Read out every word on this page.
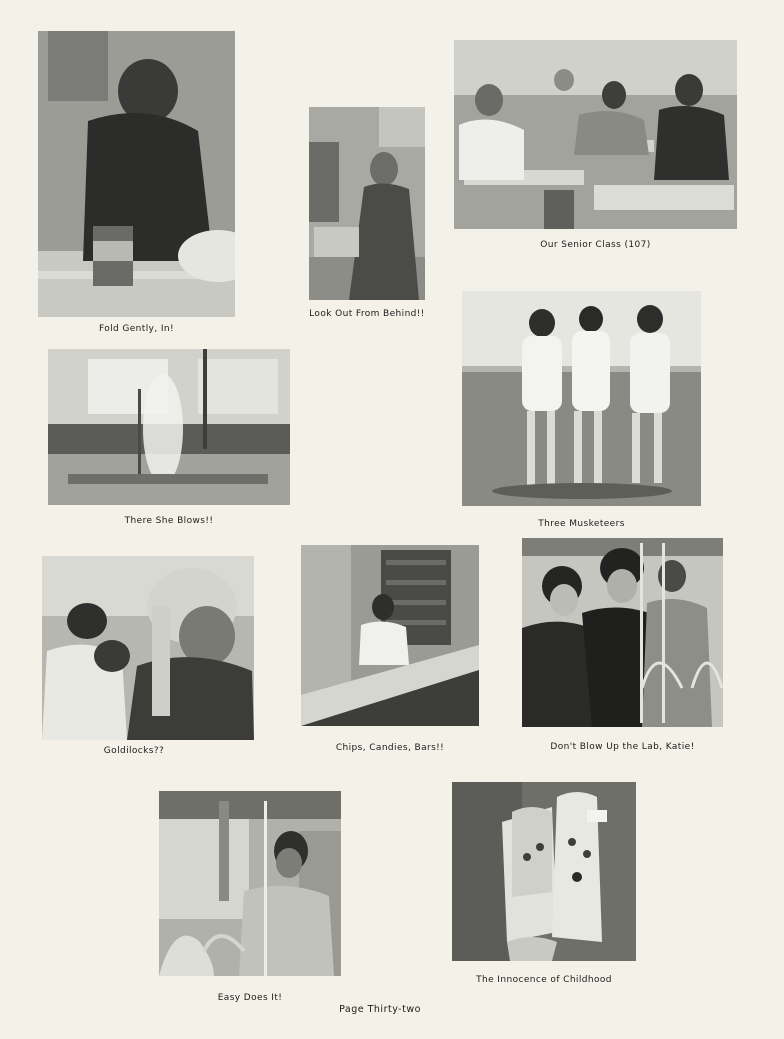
Fold Gently, In!
Look Out From Behind!!
Our Senior Class (107)
There She Blows!!	Three Musketeers
Goldilocks??	Chips, Candies, Bars!!	Don't Blow Up the Lab, Katie!
Easy Does It!
The Innocence of Childhood
Page Thirty-two
